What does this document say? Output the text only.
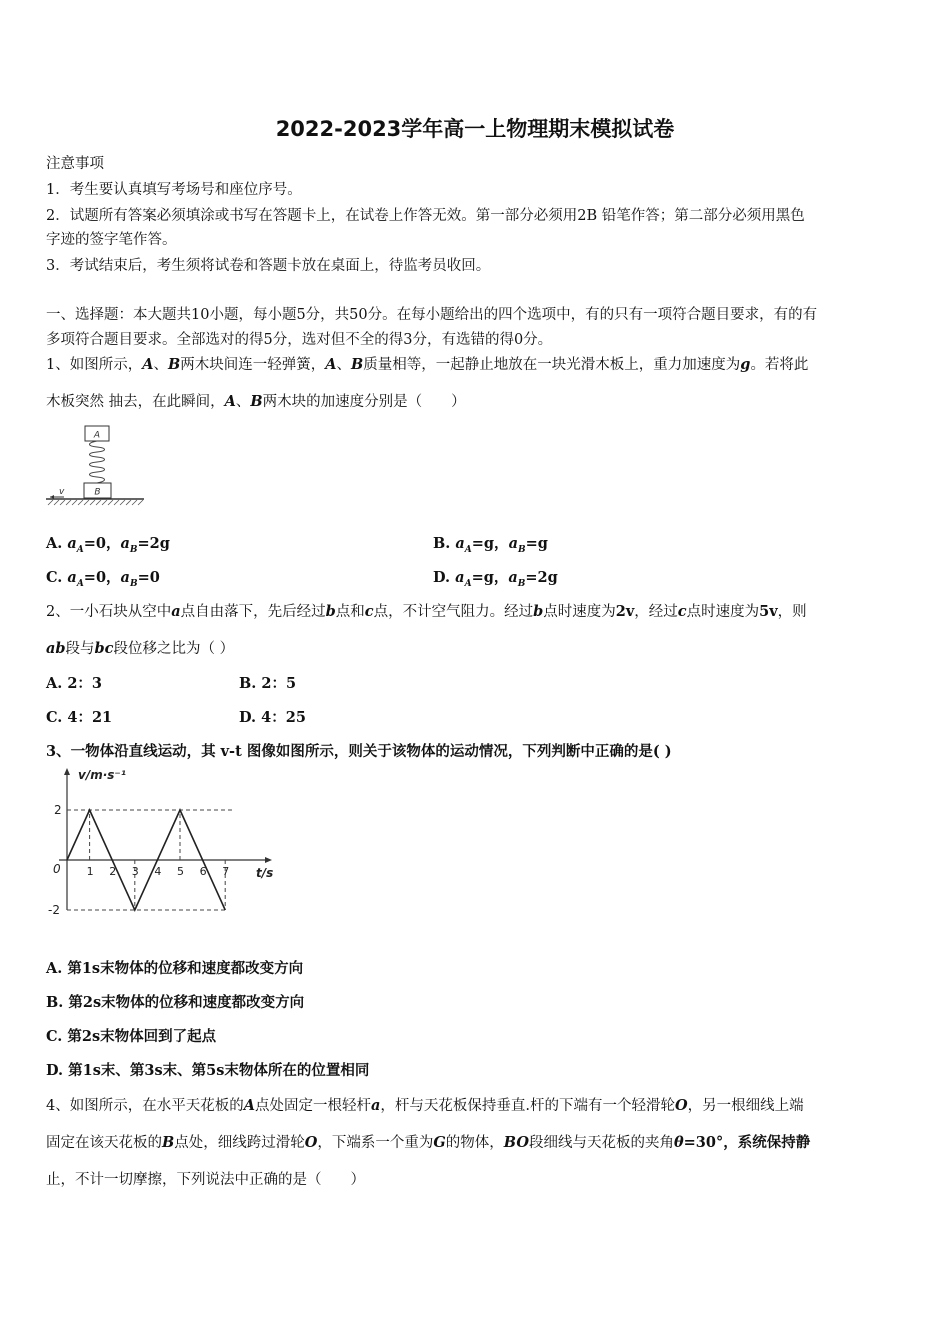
2022-2023学年高一上物理期末模拟试卷
注意事项
1．考生要认真填写考场号和座位序号。
2．试题所有答案必须填涂或书写在答题卡上，在试卷上作答无效。第一部分必须用2B 铅笔作答；第二部分必须用黑色
字迹的签字笔作答。
3．考试结束后，考生须将试卷和答题卡放在桌面上，待监考员收回。
一、选择题：本大题共10小题，每小题5分，共50分。在每小题给出的四个选项中，有的只有一项符合题目要求，有的有
多项符合题目要求。全部选对的得5分，选对但不全的得3分，有选错的得0分。
1、如图所示，A、B两木块间连一轻弹簧，A、B质量相等，一起静止地放在一块光滑木板上，重力加速度为g。若将此
木板突然 抽去，在此瞬间，A、B两木块的加速度分别是（　　）
A
B
v
A. $a_A=0$，$a_B=2g$	B. $a_A=g$，$a_B=g$
C. $a_A=0$，$a_B=0$	D. $a_A=g$，$a_B=2g$
2、一小石块从空中a点自由落下，先后经过b点和c点，不计空气阻力。经过b点时速度为2v，经过c点时速度为5v，则
ab段与bc段位移之比为（ ）
A. 2：3	B. 2：5
C. 4：21	D. 4：25
3、一物体沿直线运动，其 v-t 图像如图所示，则关于该物体的运动情况，下列判断中正确的是( )
v/m·s⁻¹
t/s
0
2
-2
1 2 3 4 5 6 7
A. 第1s末物体的位移和速度都改变方向
B. 第2s末物体的位移和速度都改变方向
C. 第2s末物体回到了起点
D. 第1s末、第3s末、第5s末物体所在的位置相同
4、如图所示，在水平天花板的A点处固定一根轻杆a，杆与天花板保持垂直.杆的下端有一个轻滑轮O，另一根细线上端
固定在该天花板的B点处，细线跨过滑轮O，下端系一个重为G的物体，BO段细线与天花板的夹角θ=30°，系统保持静
止，不计一切摩擦，下列说法中正确的是（　　）
